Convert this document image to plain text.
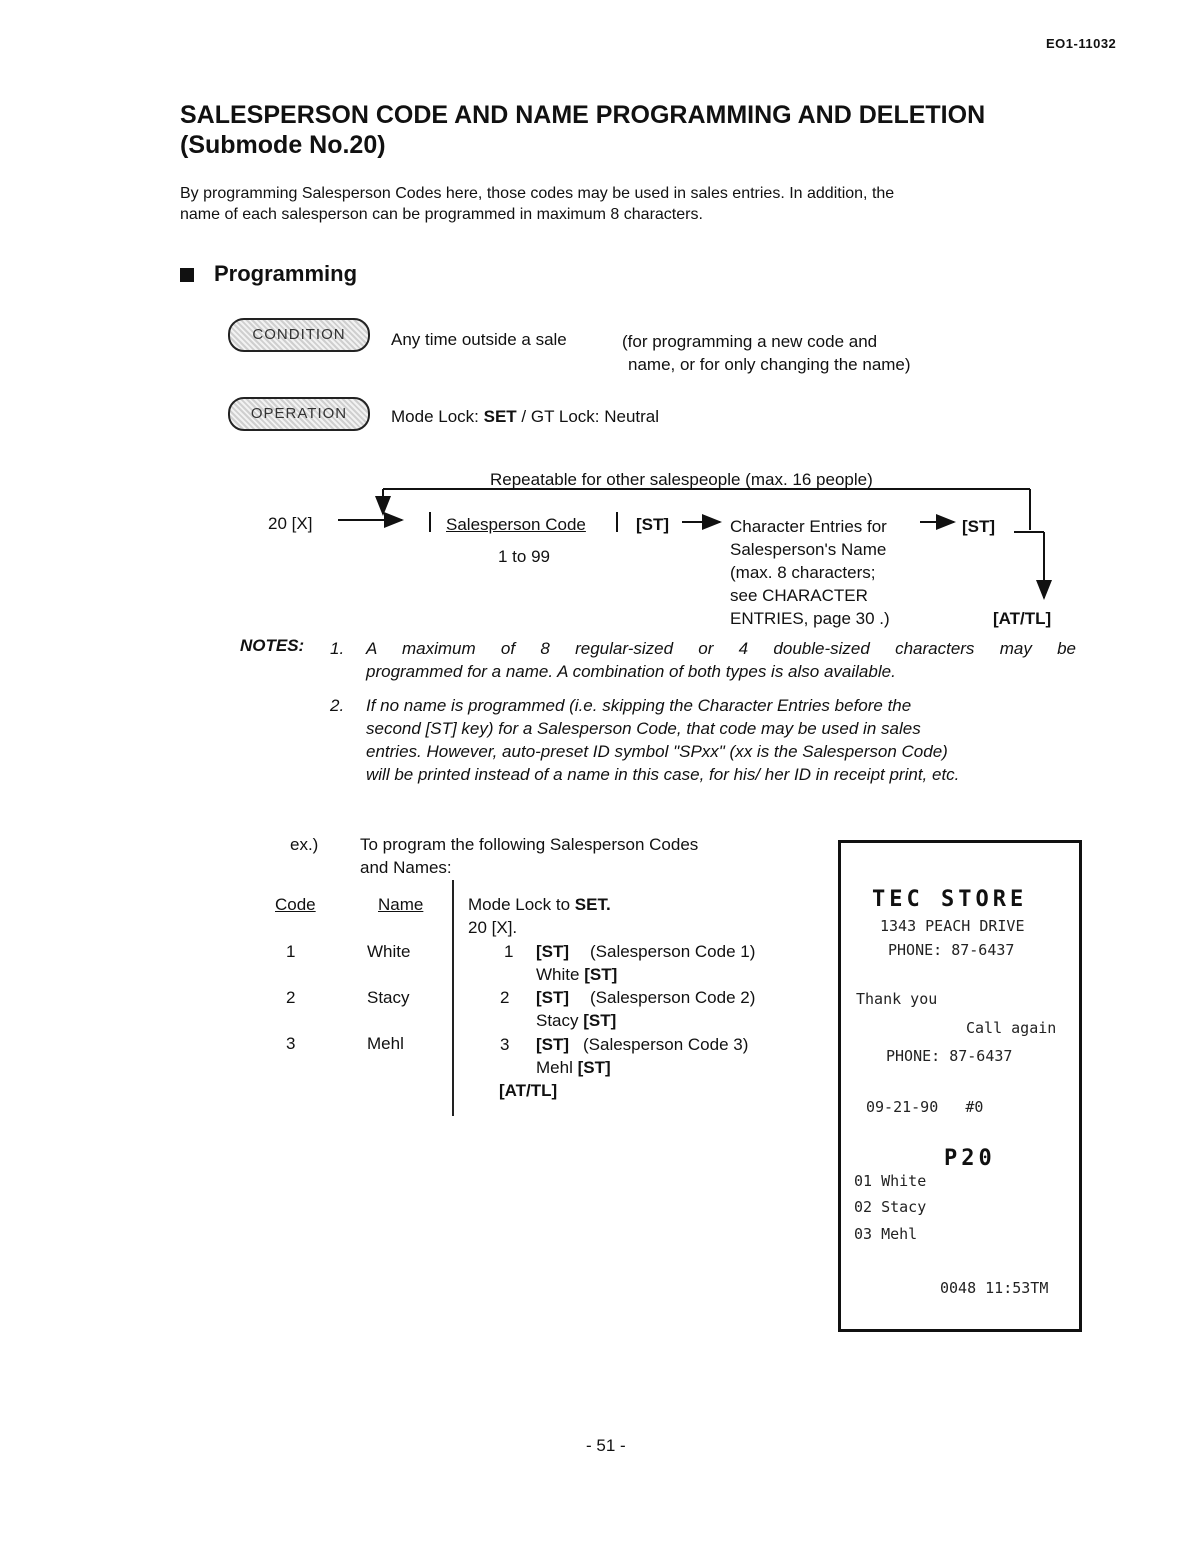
EO1-11032
SALESPERSON CODE AND NAME PROGRAMMING AND DELETION
(Submode No.20)
By programming Salesperson Codes here, those codes may be used in sales entries. In addition, the
name of each salesperson can be programmed in maximum 8 characters.
Programming
CONDITION	Any time outside a sale	(for programming a new code and
name, or for only changing the name)
OPERATION	Mode Lock: SET / GT Lock: Neutral
Repeatable for other salespeople (max. 16 people)
20 [X]	Salesperson Code
1 to 99
[ST]	Character Entries for
Salesperson's Name
(max. 8 characters;
see CHARACTER
ENTRIES, page 30 .)
[ST]
[AT/TL]
NOTES: 1. A maximum of 8 regular-sized or 4 double-sized characters may be
programmed for a name. A combination of both types is also available.
2. If no name is programmed (i.e. skipping the Character Entries before the
second [ST] key) for a Salesperson Code, that code may be used in sales
entries. However, auto-preset ID symbol "SPxx" (xx is the Salesperson Code)
will be printed instead of a name in this case, for his/ her ID in receipt print, etc.
ex.) To program the following Salesperson Codes
and Names:
Code	Name
1	White
2	Stacy
3	Mehl
Mode Lock to SET.
20 [X].
1 [ST] (Salesperson Code 1)
White [ST]
2 [ST] (Salesperson Code 2)
Stacy [ST]
3 [ST] (Salesperson Code 3)
Mehl [ST]
[AT/TL]
TEC STORE
1343 PEACH DRIVE
PHONE: 87-6437
Thank you
Call again
PHONE: 87-6437
09-21-90   #0
P20
01 White
02 Stacy
03 Mehl
0048 11:53TM
- 51 -
